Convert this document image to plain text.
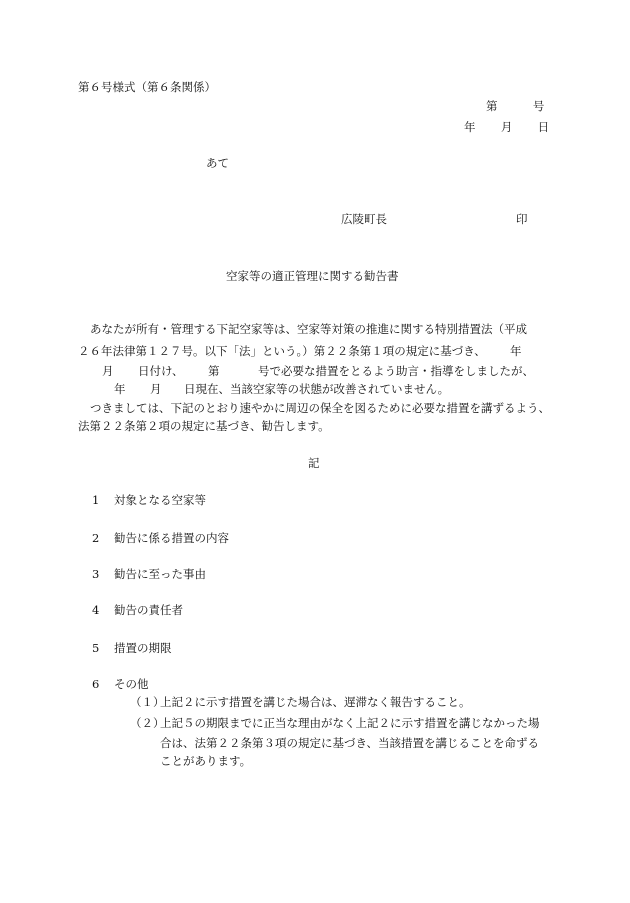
第６号様式（第６条関係）
第	号
年 月 日
あて
広陵町長	印
空家等の適正管理に関する勧告書
あなたが所有・管理する下記空家等は、空家等対策の推進に関する特別措置法（平成
２６年法律第１２７号。以下「法」という。）第２２条第１項の規定に基づき、 年
月 日付け、 第	号で必要な措置をとるよう助言・指導をしましたが、
年 月 日現在、当該空家等の状態が改善されていません。
つきましては、下記のとおり速やかに周辺の保全を図るために必要な措置を講ずるよう、
法第２２条第２項の規定に基づき、勧告します。
記
1 対象となる空家等
2 勧告に係る措置の内容
3 勧告に至った事由
4 勧告の責任者
5 措置の期限
6 その他
（１）
上記２に示す措置を講じた場合は、遅滞なく報告すること。
（２）
上記５の期限までに正当な理由がなく上記２に示す措置を講じなかった場
合は、法第２２条第３項の規定に基づき、当該措置を講じることを命ずる
ことがあります。
